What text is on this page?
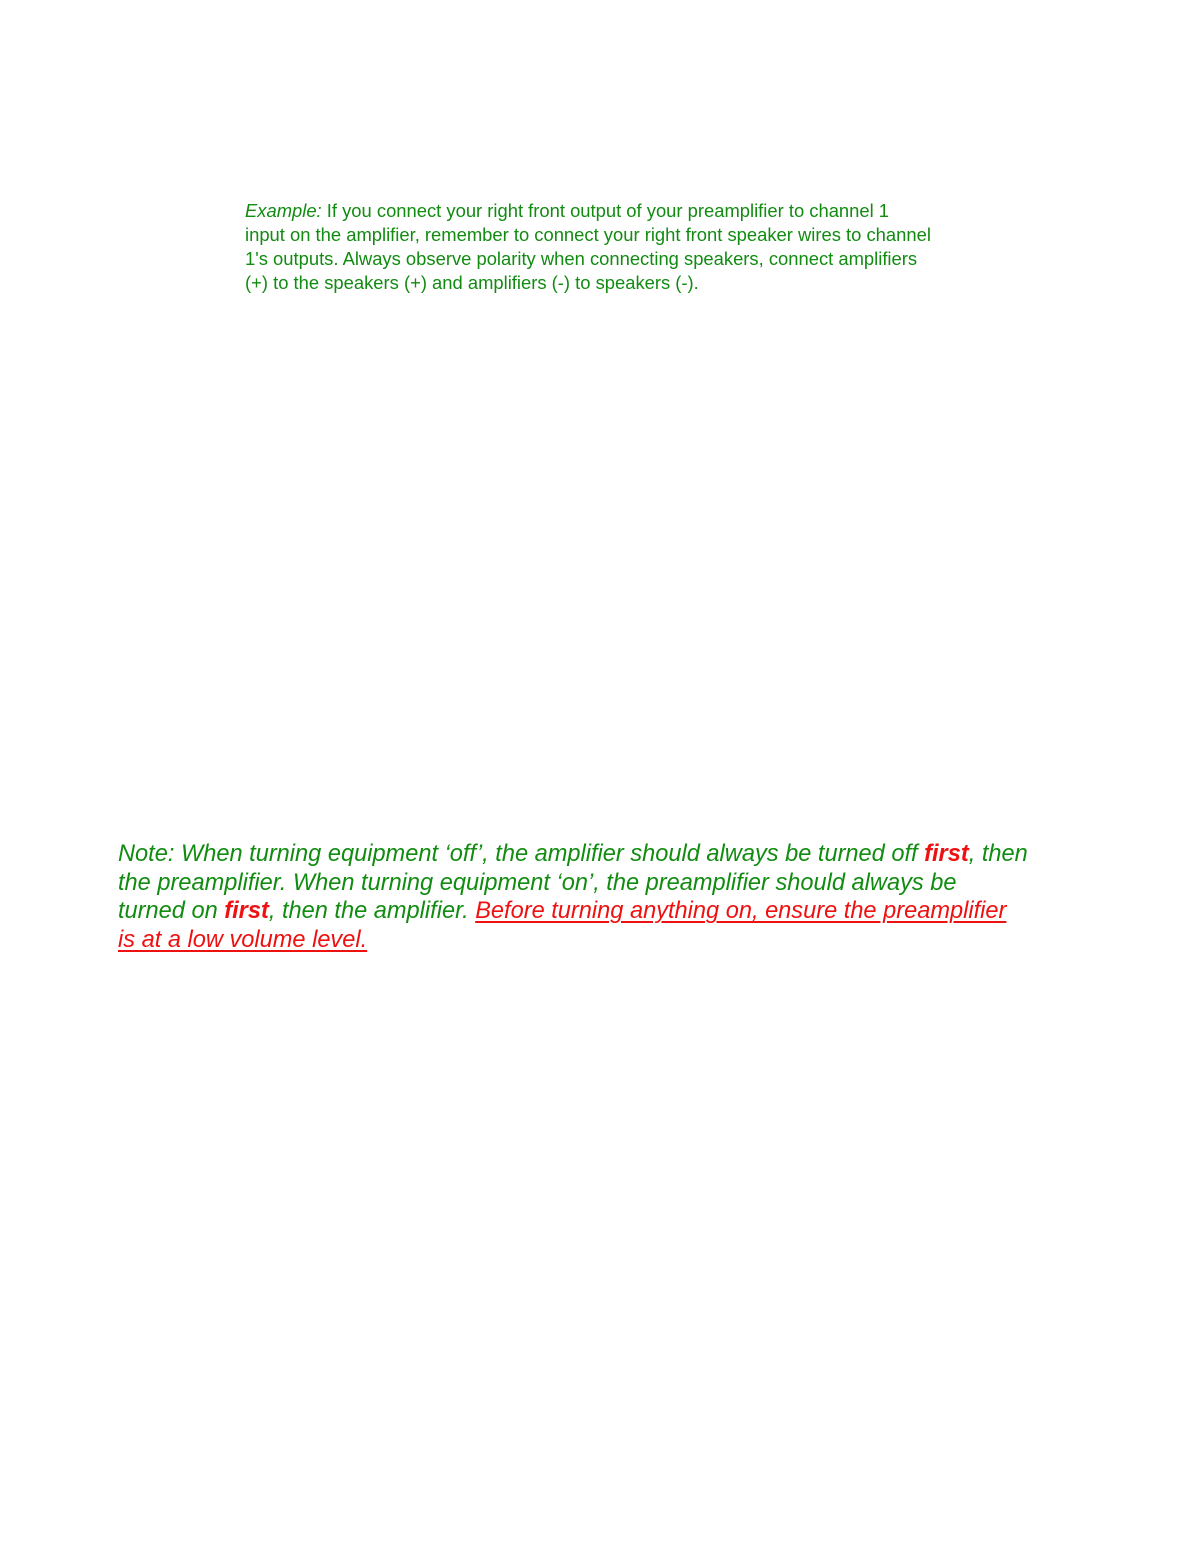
Example: If you connect your right front output of your preamplifier to channel 1
input on the amplifier, remember to connect your right front speaker wires to channel
1's outputs. Always observe polarity when connecting speakers, connect amplifiers
(+) to the speakers (+) and amplifiers (-) to speakers (-).
Note: When turning equipment ‘off’, the amplifier should always be turned off first, then
the preamplifier. When turning equipment ‘on’, the preamplifier should always be
turned on first, then the amplifier. Before turning anything on, ensure the preamplifier
is at a low volume level.
